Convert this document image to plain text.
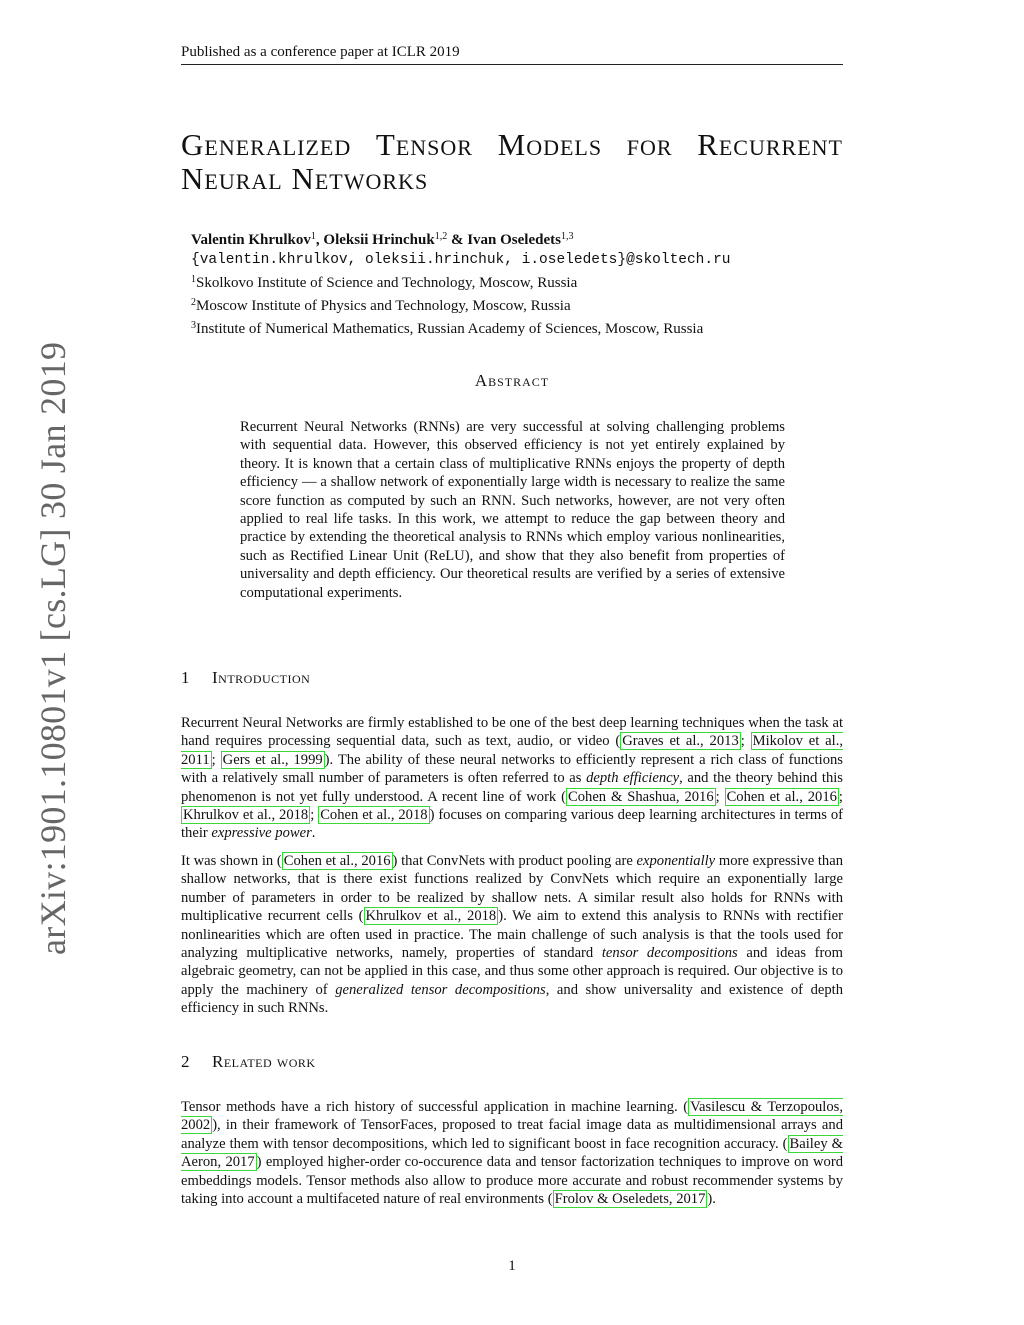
Published as a conference paper at ICLR 2019
arXiv:1901.10801v1 [cs.LG] 30 Jan 2019
Generalized Tensor Models for Recurrent
Neural Networks
Valentin Khrulkov$^1$, Oleksii Hrinchuk$^{1,2}$ & Ivan Oseledets$^{1,3}$
{valentin.khrulkov, oleksii.hrinchuk, i.oseledets}@skoltech.ru
$^1$Skolkovo Institute of Science and Technology, Moscow, Russia
$^2$Moscow Institute of Physics and Technology, Moscow, Russia
$^3$Institute of Numerical Mathematics, Russian Academy of Sciences, Moscow, Russia
Abstract

Recurrent Neural Networks (RNNs) are very successful at solving challenging problems with sequential data. However, this observed efficiency is not yet entirely explained by theory. It is known that a certain class of multiplicative RNNs enjoys the property of depth efficiency — a shallow network of exponentially large width is necessary to realize the same score function as computed by such an RNN. Such networks, however, are not very often applied to real life tasks. In this work, we attempt to reduce the gap between theory and practice by extending the theoretical analysis to RNNs which employ various nonlinearities, such as Rectified Linear Unit (ReLU), and show that they also benefit from properties of universality and depth efficiency. Our theoretical results are verified by a series of extensive computational experiments.

1 Introduction

Recurrent Neural Networks are firmly established to be one of the best deep learning techniques when the task at hand requires processing sequential data, such as text, audio, or video ( Graves et al., 2013 ; Mikolov et al., 2011 ; Gers et al., 1999 ). The ability of these neural networks to efficiently represent a rich class of functions with a relatively small number of parameters is often referred to as depth efficiency, and the theory behind this phenomenon is not yet fully understood. A recent line of work ( Cohen & Shashua, 2016 ; Cohen et al., 2016 ; Khrulkov et al., 2018 ; Cohen et al., 2018 ) focuses on comparing various deep learning architectures in terms of their expressive power.

It was shown in ( Cohen et al., 2016 ) that ConvNets with product pooling are exponentially more expressive than shallow networks, that is there exist functions realized by ConvNets which require an exponentially large number of parameters in order to be realized by shallow nets. A similar result also holds for RNNs with multiplicative recurrent cells ( Khrulkov et al., 2018 ). We aim to extend this analysis to RNNs with rectifier nonlinearities which are often used in practice. The main challenge of such analysis is that the tools used for analyzing multiplicative networks, namely, properties of standard tensor decompositions and ideas from algebraic geometry, can not be applied in this case, and thus some other approach is required. Our objective is to apply the machinery of generalized tensor decompositions, and show universality and existence of depth efficiency in such RNNs.

2 Related work

Tensor methods have a rich history of successful application in machine learning. ( Vasilescu & Terzopoulos, 2002 ), in their framework of TensorFaces, proposed to treat facial image data as multidimensional arrays and analyze them with tensor decompositions, which led to significant boost in face recognition accuracy. ( Bailey & Aeron, 2017 ) employed higher-order co-occurence data and tensor factorization techniques to improve on word embeddings models. Tensor methods also allow to produce more accurate and robust recommender systems by taking into account a multifaceted nature of real environments ( Frolov & Oseledets, 2017 ).

1
